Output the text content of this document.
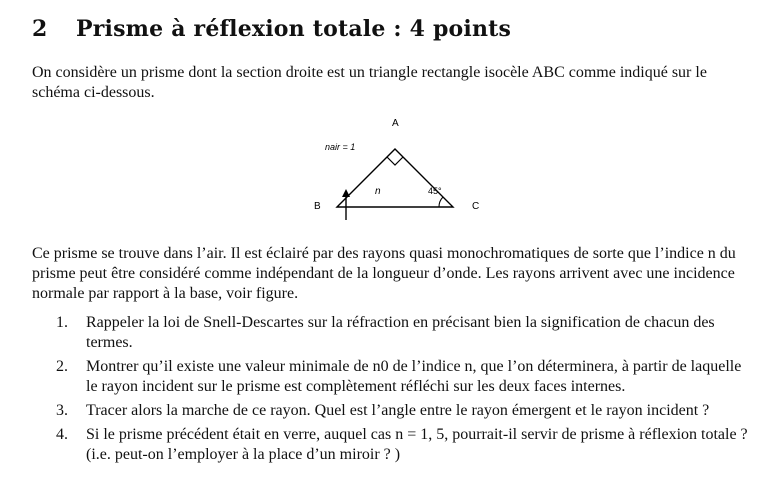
2 Prisme à réflexion totale : 4 points
On considère un prisme dont la section droite est un triangle rectangle isocèle ABC comme indiqué sur le schéma ci-dessous.
A
B	C
nair = 1
n	45°
Ce prisme se trouve dans l’air. Il est éclairé par des rayons quasi monochromatiques de sorte que l’indice n du prisme peut être considéré comme indépendant de la longueur d’onde. Les rayons arrivent avec une incidence normale par rapport à la base, voir figure.
1. Rappeler la loi de Snell-Descartes sur la réfraction en précisant bien la signification de chacun des termes.
2. Montrer qu’il existe une valeur minimale de n0 de l’indice n, que l’on déterminera, à partir de laquelle le rayon incident sur le prisme est complètement réfléchi sur les deux faces internes.
3. Tracer alors la marche de ce rayon. Quel est l’angle entre le rayon émergent et le rayon incident ?
4. Si le prisme précédent était en verre, auquel cas n = 1, 5, pourrait-il servir de prisme à réflexion totale ? (i.e. peut-on l’employer à la place d’un miroir ? )
